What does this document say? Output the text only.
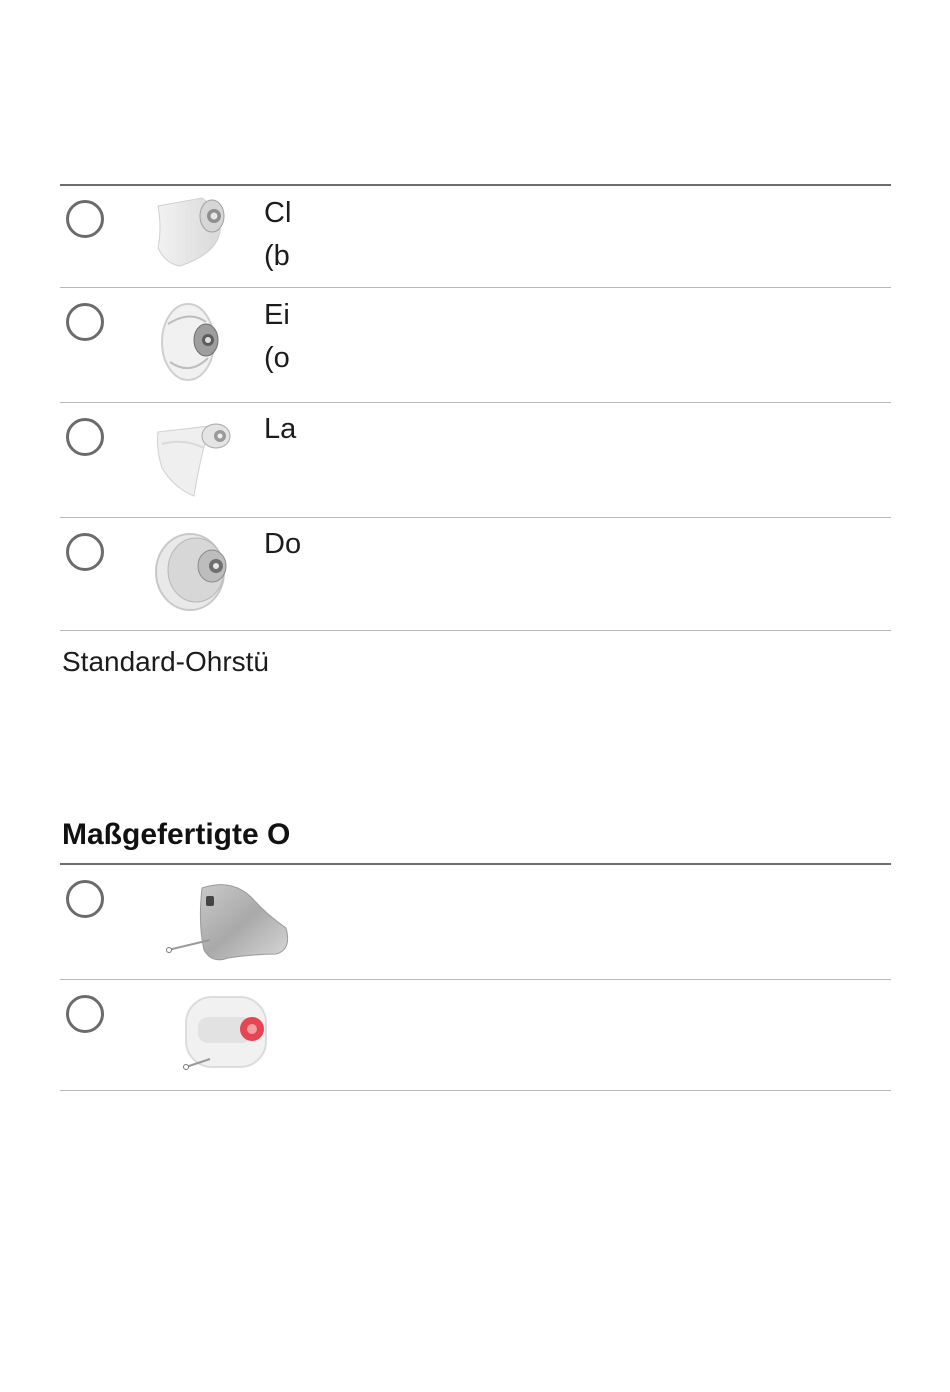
Cl
(b
Ei
(o
La
Do
Standard-Ohrstü
Maßgefertigte O
